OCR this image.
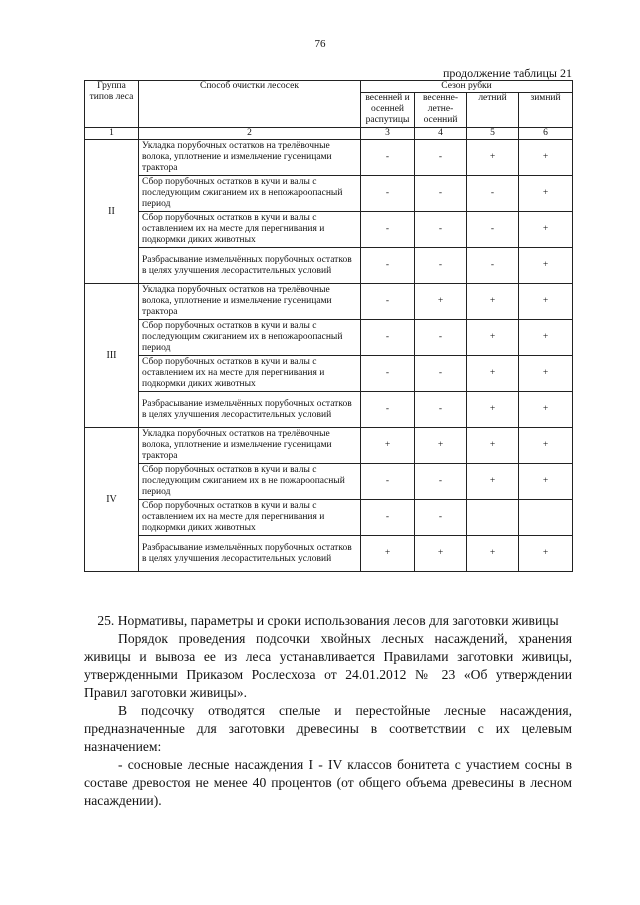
76
продолжение таблицы 21
Группа типов леса	Способ очистки лесосек	Сезон рубки			
		весенней и осенней распутицы	весенне-летне-осенний	летний	зимний
1	2	3	4	5	6
II	Укладка порубочных остатков на трелёвочные волока, уплотнение и измельчение гусеницами трактора	-	-	+	+
	Сбор порубочных остатков в кучи и валы с последующим сжиганием их в непожароопасный период	-	-	-	+
	Сбор порубочных остатков в кучи и валы с оставлением их на месте для перегнивания и подкормки диких животных	-	-	-	+
	Разбрасывание измельчённых порубочных остатков в целях улучшения лесорастительных условий	-	-	-	+
III	Укладка порубочных остатков на трелёвочные волока, уплотнение и измельчение гусеницами трактора	-	+	+	+
	Сбор порубочных остатков в кучи и валы с последующим сжиганием их в непожароопасный период	-	-	+	+
	Сбор порубочных остатков в кучи и валы с оставлением их на месте для перегнивания и подкормки диких животных	-	-	+	+
	Разбрасывание измельчённых порубочных остатков в целях улучшения лесорастительных условий	-	-	+	+
IV	Укладка порубочных остатков на трелёвочные волока, уплотнение и измельчение гусеницами трактора	+	+	+	+
	Сбор порубочных остатков в кучи и валы с последующим сжиганием их в не пожароопасный период	-	-	+	+
	Сбор порубочных остатков в кучи и валы с оставлением их на месте для перегнивания и подкормки диких животных	-	-		
	Разбрасывание измельчённых порубочных остатков в целях улучшения лесорастительных условий	+	+	+	+

25. Нормативы, параметры и сроки использования лесов для заготовки живицы

Порядок проведения подсочки хвойных лесных насаждений, хранения живицы и вывоза ее из леса устанавливается Правилами заготовки живицы, утвержденными Приказом Рослесхоза от 24.01.2012 № 23 «Об утверждении Правил заготовки живицы».

В подсочку отводятся спелые и перестойные лесные насаждения, предназначенные для заготовки древесины в соответствии с их целевым назначением:

- сосновые лесные насаждения I - IV классов бонитета с участием сосны в составе древостоя не менее 40 процентов (от общего объема древесины в лесном насаждении).
